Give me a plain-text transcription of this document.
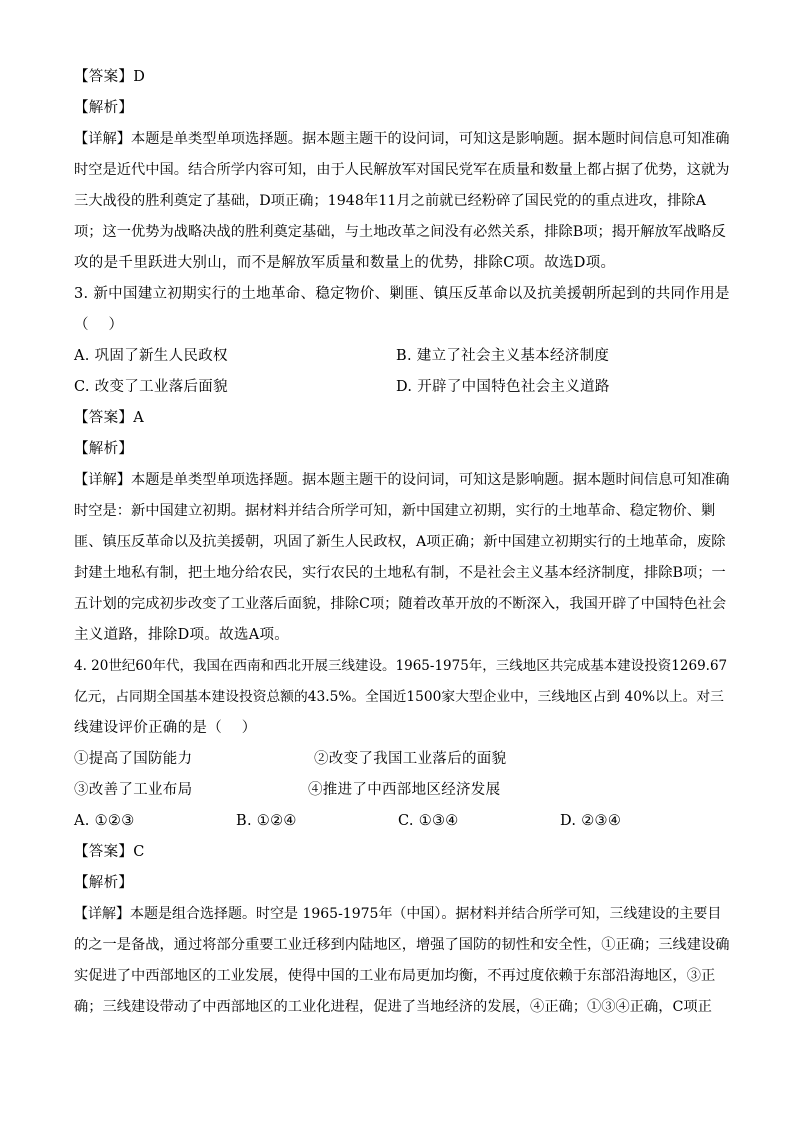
【答案】D
【解析】
【详解】本题是单类型单项选择题。据本题主题干的设问词，可知这是影响题。据本题时间信息可知准确
时空是近代中国。结合所学内容可知，由于人民解放军对国民党军在质量和数量上都占据了优势，这就为
三大战役的胜利奠定了基础，D项正确；1948年11月之前就已经粉碎了国民党的的重点进攻，排除A
项；这一优势为战略决战的胜利奠定基础，与土地改革之间没有必然关系，排除B项；揭开解放军战略反
攻的是千里跃进大别山，而不是解放军质量和数量上的优势，排除C项。故选D项。
3. 新中国建立初期实行的土地革命、稳定物价、剿匪、镇压反革命以及抗美援朝所起到的共同作用是
（　 ）
A. 巩固了新生人民政权	B. 建立了社会主义基本经济制度
C. 改变了工业落后面貌	D. 开辟了中国特色社会主义道路
【答案】A
【解析】
【详解】本题是单类型单项选择题。据本题主题干的设问词，可知这是影响题。据本题时间信息可知准确
时空是：新中国建立初期。据材料并结合所学可知，新中国建立初期，实行的土地革命、稳定物价、剿
匪、镇压反革命以及抗美援朝，巩固了新生人民政权，A项正确；新中国建立初期实行的土地革命，废除
封建土地私有制，把土地分给农民，实行农民的土地私有制，不是社会主义基本经济制度，排除B项；一
五计划的完成初步改变了工业落后面貌，排除C项；随着改革开放的不断深入，我国开辟了中国特色社会
主义道路，排除D项。故选A项。
4. 20世纪60年代，我国在西南和西北开展三线建设。1965-1975年，三线地区共完成基本建设投资1269.67
亿元，占同期全国基本建设投资总额的43.5%。全国近1500家大型企业中，三线地区占到 40%以上。对三
线建设评价正确的是（　 ）
①提高了国防能力	②改变了我国工业落后的面貌
③改善了工业布局	④推进了中西部地区经济发展
A. ①②③	B. ①②④	C. ①③④	D. ②③④
【答案】C
【解析】
【详解】本题是组合选择题。时空是 1965-1975年（中国）。据材料并结合所学可知，三线建设的主要目
的之一是备战，通过将部分重要工业迁移到内陆地区，增强了国防的韧性和安全性，①正确；三线建设确
实促进了中西部地区的工业发展，使得中国的工业布局更加均衡，不再过度依赖于东部沿海地区，③正
确；三线建设带动了中西部地区的工业化进程，促进了当地经济的发展，④正确；①③④正确，C项正
